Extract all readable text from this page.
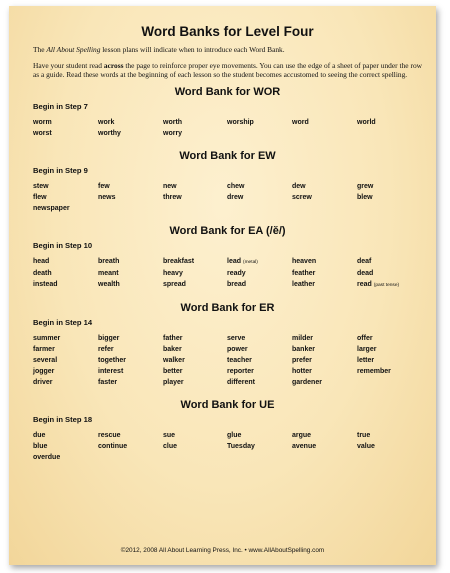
Word Banks for Level Four

The All About Spelling lesson plans will indicate when to introduce each Word Bank.

Have your student read across the page to reinforce proper eye movements. You can use the edge of a sheet of paper under the row as a guide. Read these words at the beginning of each lesson so the student becomes accustomed to seeing the correct spelling.

Word Bank for WOR
Begin in Step 7
worm	work	worth	worship	word	world
worst	worthy	worry
Word Bank for EW
Begin in Step 9
stew	few	new	chew	dew	grew
flew	news	threw	drew	screw	blew
newspaper
Word Bank for EA (/ĕ/)
Begin in Step 10
head	breath	breakfast	lead (metal)	heaven	deaf
death	meant	heavy	ready	feather	dead
instead	wealth	spread	bread	leather	read (past tense)
Word Bank for ER
Begin in Step 14
summer	bigger	father	serve	milder	offer
farmer	refer	baker	power	banker	larger
several	together	walker	teacher	prefer	letter
jogger	interest	better	reporter	hotter	remember
driver	faster	player	different	gardener
Word Bank for UE
Begin in Step 18
due	rescue	sue	glue	argue	true
blue	continue	clue	Tuesday	avenue	value
overdue
©2012, 2008 All About Learning Press, Inc. • www.AllAboutSpelling.com
